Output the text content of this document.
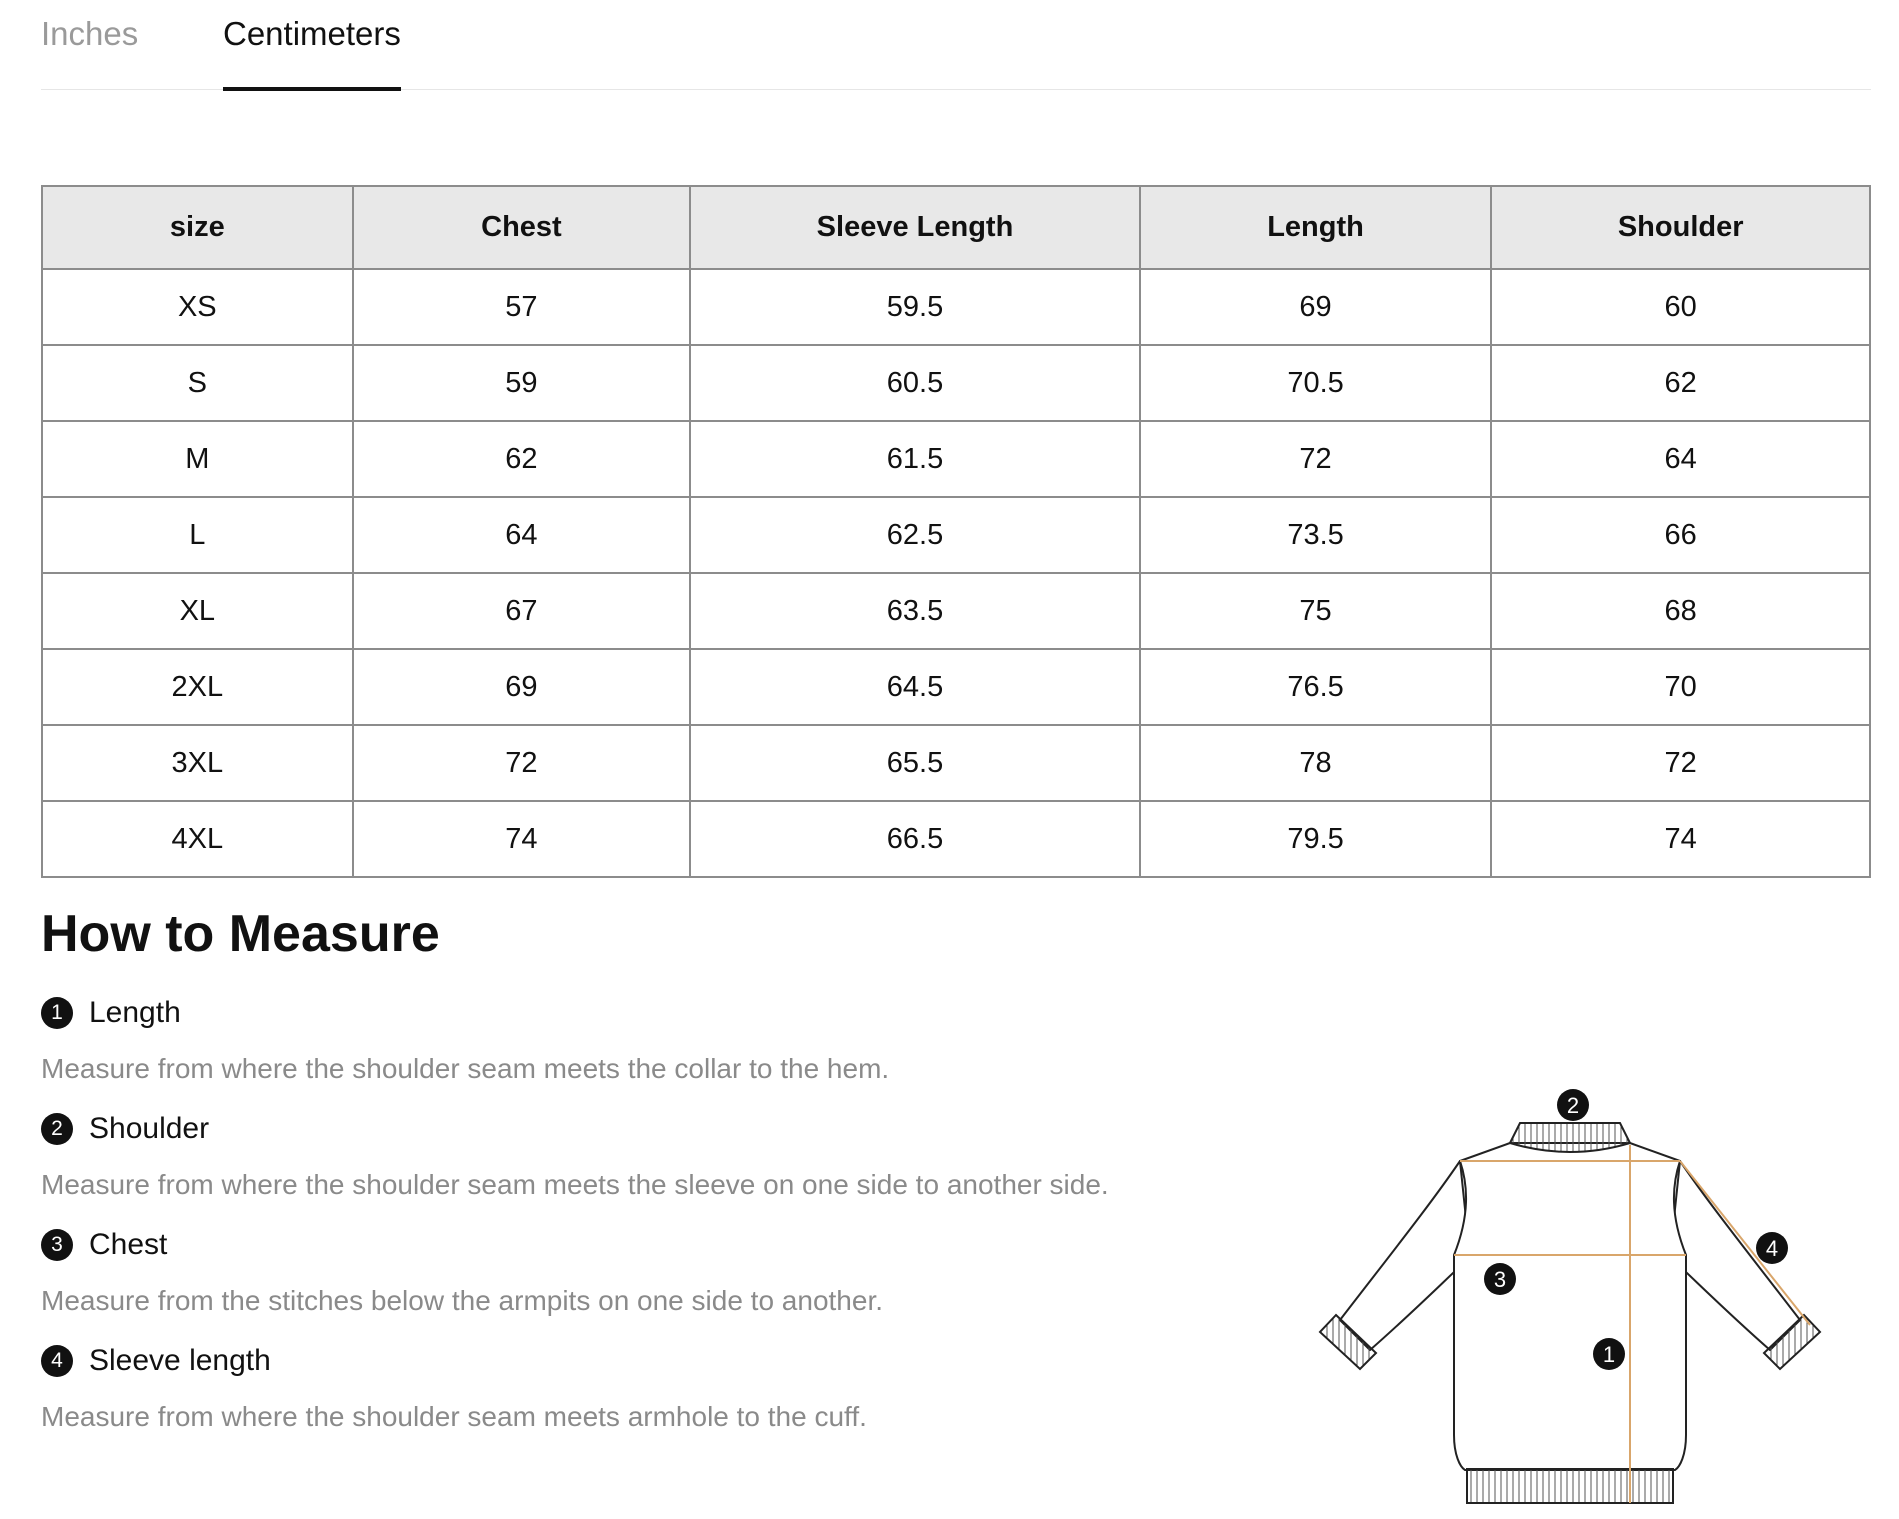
Inches	Centimeters
size	Chest	Sleeve Length	Length	Shoulder
XS	57	59.5	69	60
S	59	60.5	70.5	62
M	62	61.5	72	64
L	64	62.5	73.5	66
XL	67	63.5	75	68
2XL	69	64.5	76.5	70
3XL	72	65.5	78	72
4XL	74	66.5	79.5	74
How to Measure
1 Length
Measure from where the shoulder seam meets the collar to the hem.
2 Shoulder
Measure from where the shoulder seam meets the sleeve on one side to another side.
3 Chest
Measure from the stitches below the armpits on one side to another.
4 Sleeve length
Measure from where the shoulder seam meets armhole to the cuff.
2
4
3
1
